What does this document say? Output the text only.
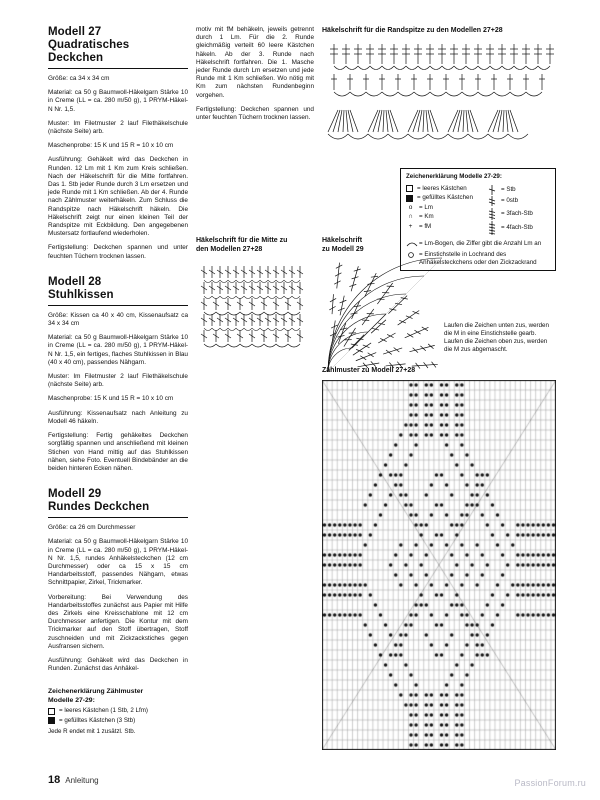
Modell 27
Quadratisches
Deckchen

Größe: ca 34 x 34 cm

Material: ca 50 g Baumwoll-Häkelgarn Stärke 10 in Creme (LL = ca. 280 m/50 g), 1 PRYM-Häkel-N Nr. 1,5.

Muster: Im Filetmuster 2 lauf Filethäkelschule (nächste Seite) arb.

Maschenprobe: 15 K und 15 R = 10 x 10 cm

Ausführung: Gehäkelt wird das Deckchen in Runden. 12 Lm mit 1 Km zum Kreis schließen. Nach der Häkelschrift für die Mitte fortfahren. Das 1. Stb jeder Runde durch 3 Lm ersetzen und jede Runde mit 1 Km schließen. Ab der 4. Runde nach Zählmuster weiterhäkeln. Zum Schluss die Randspitze nach Häkelschrift häkeln. Die Häkelschrift zeigt nur einen kleinen Teil der Randspitze mit Eckbildung. Den angegebenen Mustersatz fortlaufend wiederholen.

Fertigstellung: Deckchen spannen und unter feuchten Tüchern trocknen lassen.

Modell 28
Stuhlkissen

Größe: Kissen ca 40 x 40 cm, Kissenaufsatz ca 34 x 34 cm

Material: ca 50 g Baumwoll-Häkelgarn Stärke 10 in Creme (LL = ca. 280 m/50 g), 1 PRYM-Häkel-N Nr. 1,5, ein fertiges, flaches Stuhlkissen in Blau (40 x 40 cm), passendes Nähgarn.

Muster: Im Filetmuster 2 lauf Filethäkelschule (nächste Seite) arb.

Maschenprobe: 15 K und 15 R = 10 x 10 cm

Ausführung: Kissenaufsatz nach Anleitung zu Modell 46 häkeln.

Fertigstellung: Fertig gehäkeltes Deckchen sorgfältig spannen und anschließend mit kleinen Stichen von Hand mittig auf das Stuhlkissen nähen, siehe Foto. Eventuell Bindebänder an die beiden hinteren Ecken nähen.

Modell 29
Rundes Deckchen

Größe: ca 26 cm Durchmesser

Material: ca 50 g Baumwoll-Häkelgarn Stärke 10 in Creme (LL = ca. 280 m/50 g), 1 PRYM-Häkel-N Nr. 1,5, rundes Anhäkelsteckchen (12 cm Durchmesser) oder ca 15 x 15 cm Handarbeitsstoff, passendes Nähgarn, etwas Schnittpapier, Zirkel, Trickmarker.

Vorbereitung: Bei Verwendung des Handarbeitsstoffes zunächst aus Papier mit Hilfe des Zirkels eine Kreisschablone mit 12 cm Durchmesser anfertigen. Die Kontur mit dem Trickmarker auf den Stoff übertragen, Stoff zuschneiden und mit Zickzackstiches gegen Ausfransen sichern.

Ausführung: Gehäkelt wird das Deckchen in Runden. Zunächst das Anhäkel-

Zeichenerklärung Zählmuster
Modelle 27-29:
= leeres Kästchen (1 Stb, 2 Lfm)
= gefülltes Kästchen (3 Stb)
Jede R endet mit 1 zusätzl. Stb.

motiv mit fM behäkeln, jeweils getrennt durch 1 Lm. Für die 2. Runde gleichmäßig verteilt 60 leere Kästchen häkeln. Ab der 3. Runde nach Häkelschrift fortfahren. Die 1. Masche jeder Runde durch Lm ersetzen und jede Runde mit 1 Km schließen. Wo nötig mit Km zum nächsten Rundenbeginn vorgehen.

Fertigstellung: Deckchen spannen und unter feuchten Tüchern trocknen lassen.

Häkelschrift für die Mitte zu
den Modellen 27+28
Häkelschrift für die Randspitze zu den Modellen 27+28
Zeichenerklärung Modelle 27-29:
= leeres Kästchen
= gefülltes Kästchen
o	= Lm
∩ = Km
+	= fM
= Stb
= 0stb
= 3fach-Stb
= 4fach-Stb
= Lm-Bogen, die Ziffer gibt die Anzahl Lm an
= Einstichstelle in Lochrand des Anhäkelsteckchens oder den Zickzackrand
Laufen die Zeichen unten zus, werden die M in eine Einstichstelle gearb. Laufen die Zeichen oben zus, werden die M zus abgemascht.
Häkelschrift
zu Modell 29
Zählmuster zu Modell 27+28
18 Anleitung	PassionForum.ru
